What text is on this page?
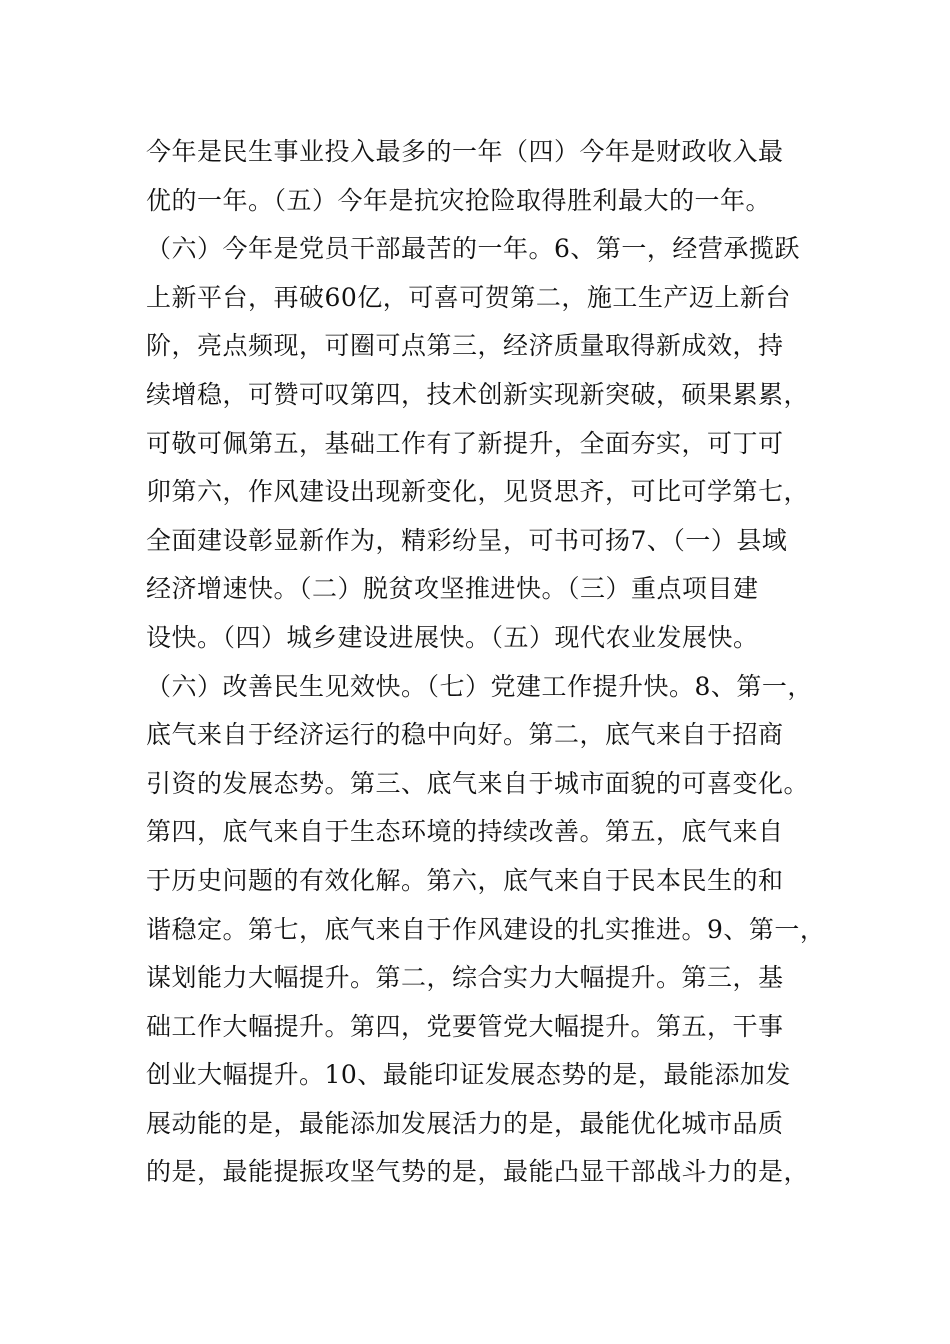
今年是民生事业投入最多的一年（四）今年是财政收入最
优的一年。（五）今年是抗灾抢险取得胜利最大的一年。
（六）今年是党员干部最苦的一年。6、第一，经营承揽跃
上新平台，再破60亿，可喜可贺第二，施工生产迈上新台
阶，亮点频现，可圈可点第三，经济质量取得新成效，持
续增稳，可赞可叹第四，技术创新实现新突破，硕果累累，
可敬可佩第五，基础工作有了新提升，全面夯实，可丁可
卯第六，作风建设出现新变化，见贤思齐，可比可学第七，
全面建设彰显新作为，精彩纷呈，可书可扬7、（一）县域
经济增速快。（二）脱贫攻坚推进快。（三）重点项目建
设快。（四）城乡建设进展快。（五）现代农业发展快。
（六）改善民生见效快。（七）党建工作提升快。8、第一，
底气来自于经济运行的稳中向好。第二，底气来自于招商
引资的发展态势。第三、底气来自于城市面貌的可喜变化。
第四，底气来自于生态环境的持续改善。第五，底气来自
于历史问题的有效化解。第六，底气来自于民本民生的和
谐稳定。第七，底气来自于作风建设的扎实推进。9、第一，
谋划能力大幅提升。第二，综合实力大幅提升。第三，基
础工作大幅提升。第四，党要管党大幅提升。第五，干事
创业大幅提升。10、最能印证发展态势的是，最能添加发
展动能的是，最能添加发展活力的是，最能优化城市品质
的是，最能提振攻坚气势的是，最能凸显干部战斗力的是，
